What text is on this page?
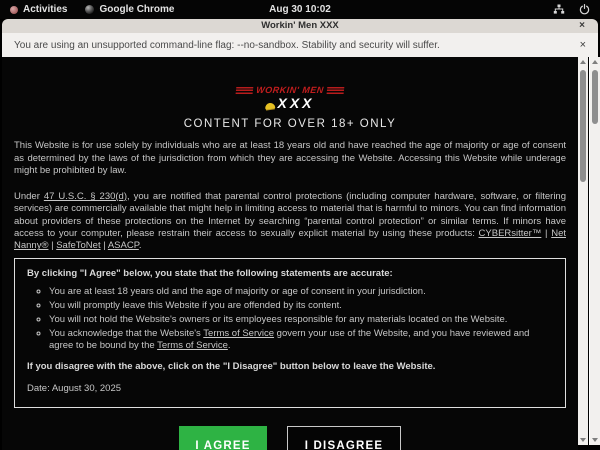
Activities	Google Chrome	Aug 30 10:02
Workin' Men XXX	×
You are using an unsupported command-line flag: --no-sandbox. Stability and security will suffer.	×
WORKIN' MEN
XXX
CONTENT FOR OVER 18+ ONLY

This Website is for use solely by individuals who are at least 18 years old and have reached the age of majority or age of consent as determined by the laws of the jurisdiction from which they are accessing the Website. Accessing this Website while underage might be prohibited by law.

Under 47 U.S.C. § 230(d), you are notified that parental control protections (including computer hardware, software, or filtering services) are commercially available that might help in limiting access to material that is harmful to minors. You can find information about providers of these protections on the Internet by searching “parental control protection” or similar terms. If minors have access to your computer, please restrain their access to sexually explicit material by using these products: CYBERsitter™ | Net Nanny® | SafeToNet | ASACP.

By clicking "I Agree" below, you state that the following statements are accurate:
◦ You are at least 18 years old and the age of majority or age of consent in your jurisdiction.
◦ You will promptly leave this Website if you are offended by its content.
◦ You will not hold the Website's owners or its employees responsible for any materials located on the Website.
◦ You acknowledge that the Website's Terms of Service govern your use of the Website, and you have reviewed and agree to be bound by the Terms of Service.
If you disagree with the above, click on the "I Disagree" button below to leave the Website.
Date: August 30, 2025
I AGREE	I DISAGREE
